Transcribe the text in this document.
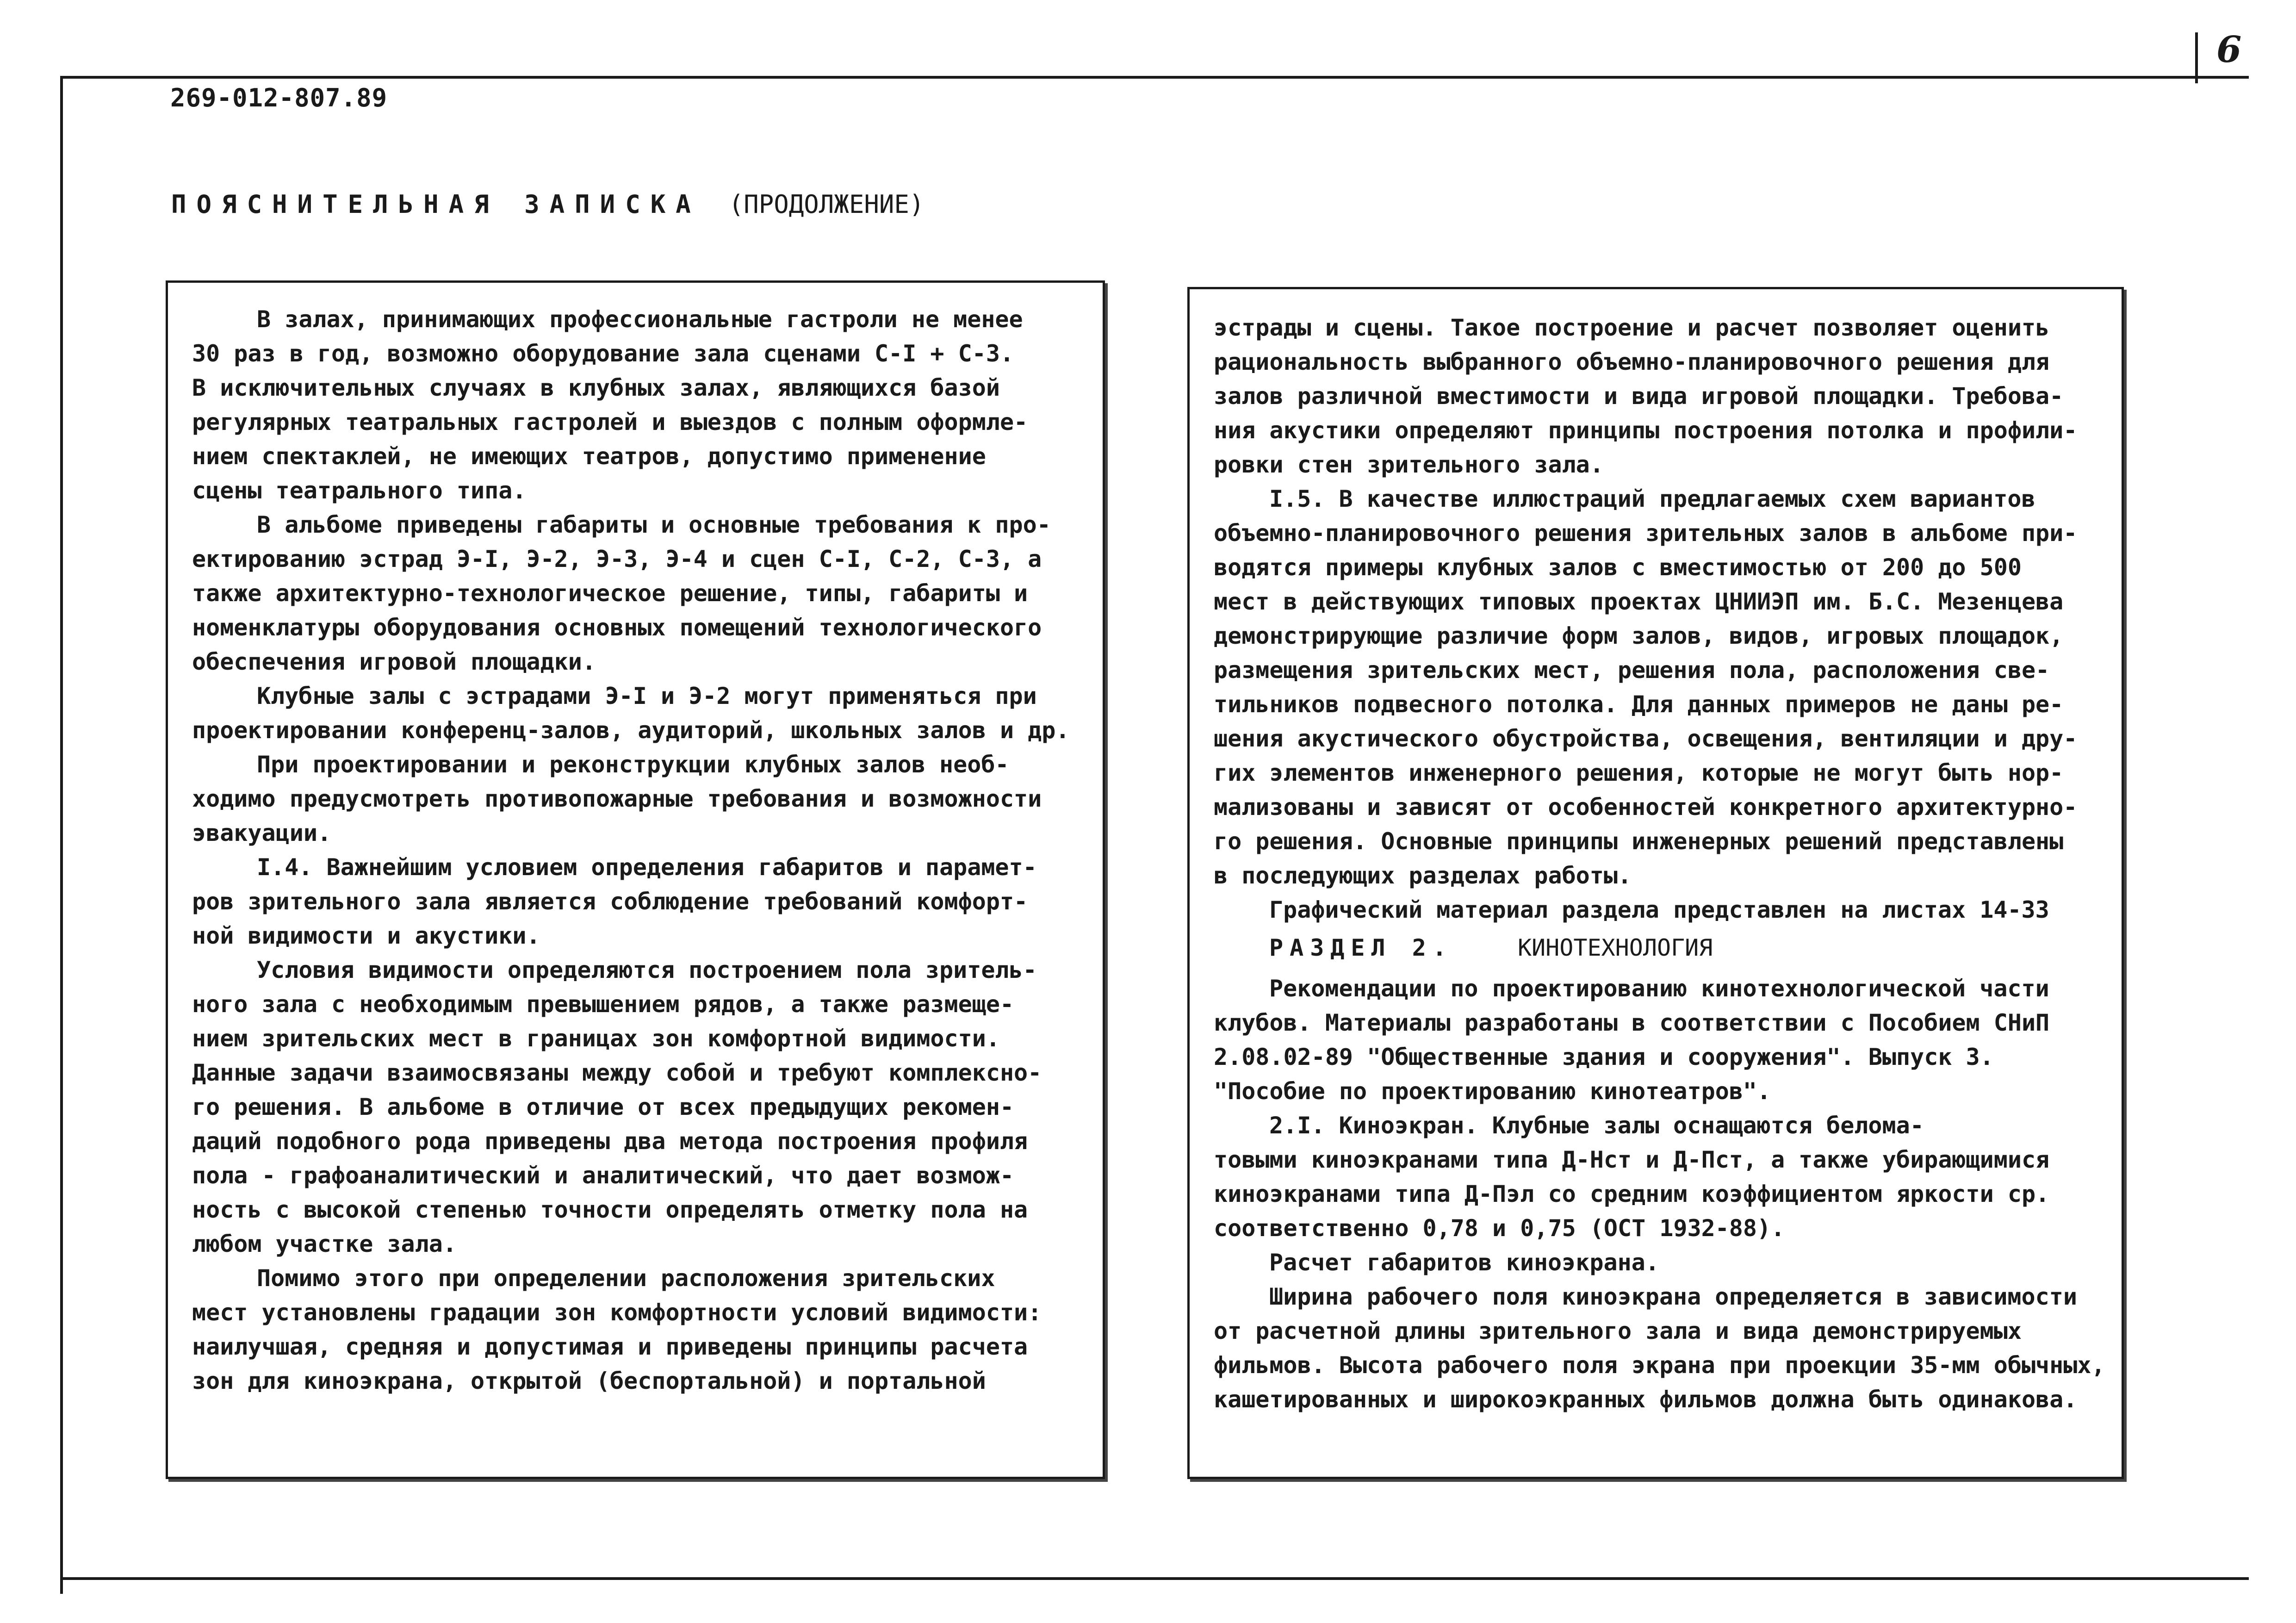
6
269-012-807.89
ПОЯСНИТЕЛЬНАЯ ЗАПИСКА (ПРОДОЛЖЕНИЕ)
В залах, принимающих профессиональные гастроли не менее
30 раз в год, возможно оборудование зала сценами С-I + С-3.
В исключительных случаях в клубных залах, являющихся базой
регулярных театральных гастролей и выездов с полным оформле-
нием спектаклей, не имеющих театров, допустимо применение
сцены театрального типа.
В альбоме приведены габариты и основные требования к про-
ектированию эстрад Э-I, Э-2, Э-3, Э-4 и сцен С-I, С-2, С-3, а
также архитектурно-технологическое решение, типы, габариты и
номенклатуры оборудования основных помещений технологического
обеспечения игровой площадки.
Клубные залы с эстрадами Э-I и Э-2 могут применяться при
проектировании конференц-залов, аудиторий, школьных залов и др.
При проектировании и реконструкции клубных залов необ-
ходимо предусмотреть противопожарные требования и возможности
эвакуации.
I.4. Важнейшим условием определения габаритов и парамет-
ров зрительного зала является соблюдение требований комфорт-
ной видимости и акустики.
Условия видимости определяются построением пола зритель-
ного зала с необходимым превышением рядов, а также размеще-
нием зрительских мест в границах зон комфортной видимости.
Данные задачи взаимосвязаны между собой и требуют комплексно-
го решения. В альбоме в отличие от всех предыдущих рекомен-
даций подобного рода приведены два метода построения профиля
пола - графоаналитический и аналитический, что дает возмож-
ность с высокой степенью точности определять отметку пола на
любом участке зала.
Помимо этого при определении расположения зрительских
мест установлены градации зон комфортности условий видимости:
наилучшая, средняя и допустимая и приведены принципы расчета
зон для киноэкрана, открытой (беспортальной) и портальной
эстрады и сцены. Такое построение и расчет позволяет оценить
рациональность выбранного объемно-планировочного решения для
залов различной вместимости и вида игровой площадки. Требова-
ния акустики определяют принципы построения потолка и профили-
ровки стен зрительного зала.
I.5. В качестве иллюстраций предлагаемых схем вариантов
объемно-планировочного решения зрительных залов в альбоме при-
водятся примеры клубных залов с вместимостью от 200 до 500
мест в действующих типовых проектах ЦНИИЭП им. Б.С. Мезенцева
демонстрирующие различие форм залов, видов, игровых площадок,
размещения зрительских мест, решения пола, расположения све-
тильников подвесного потолка. Для данных примеров не даны ре-
шения акустического обустройства, освещения, вентиляции и дру-
гих элементов инженерного решения, которые не могут быть нор-
мализованы и зависят от особенностей конкретного архитектурно-
го решения. Основные принципы инженерных решений представлены
в последующих разделах работы.
Графический материал раздела представлен на листах 14-33
РАЗДЕЛ 2.	КИНОТЕХНОЛОГИЯ
Рекомендации по проектированию кинотехнологической части
клубов. Материалы разработаны в соответствии с Пособием СНиП
2.08.02-89 "Общественные здания и сооружения". Выпуск 3.
"Пособие по проектированию кинотеатров".
2.I. Киноэкран. Клубные залы оснащаются беломa-
товыми киноэкранами типа Д-Нст и Д-Пст, а также убирающимися
киноэкранами типа Д-Пэл со средним коэффициентом яркости ср.
соответственно 0,78 и 0,75 (ОСТ 1932-88).
Расчет габаритов киноэкрана.
Ширина рабочего поля киноэкрана определяется в зависимости
от расчетной длины зрительного зала и вида демонстрируемых
фильмов. Высота рабочего поля экрана при проекции 35-мм обычных,
кашетированных и широкоэкранных фильмов должна быть одинакова.
